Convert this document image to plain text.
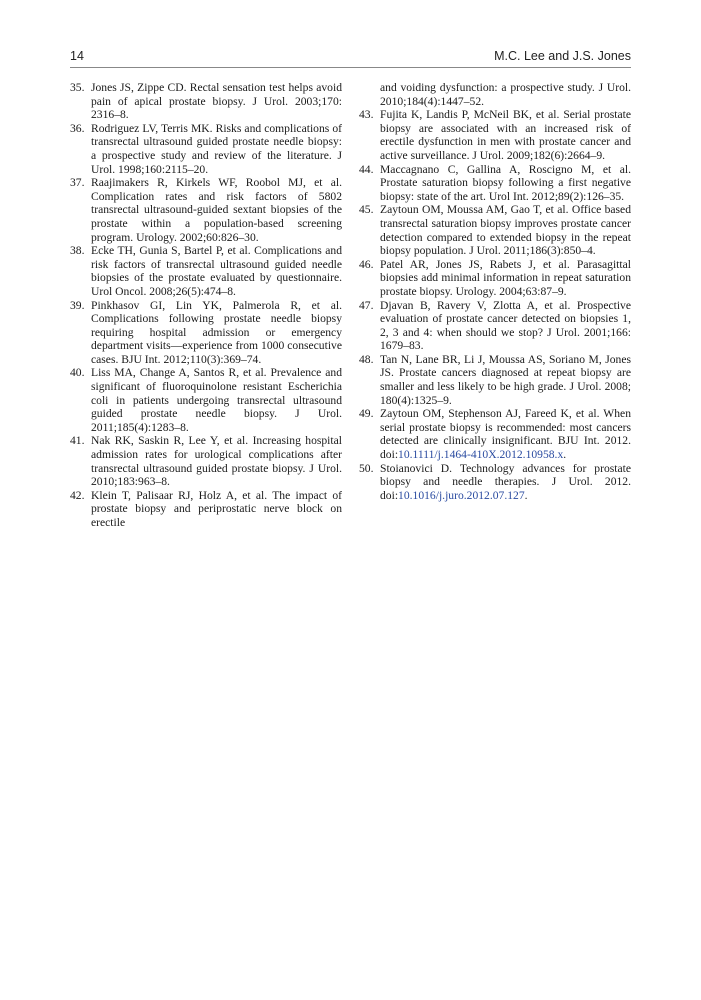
14	M.C. Lee and J.S. Jones

35. Jones JS, Zippe CD. Rectal sensation test helps avoid pain of apical prostate biopsy. J Urol. 2003;170: 2316–8.

36. Rodriguez LV, Terris MK. Risks and complications of transrectal ultrasound guided prostate needle biopsy: a prospective study and review of the literature. J Urol. 1998;160:2115–20.

37. Raajimakers R, Kirkels WF, Roobol MJ, et al. Complication rates and risk factors of 5802 transrectal ultrasound-guided sextant biopsies of the prostate within a population-based screening program. Urology. 2002;60:826–30.

38. Ecke TH, Gunia S, Bartel P, et al. Complications and risk factors of transrectal ultrasound guided needle biopsies of the prostate evaluated by questionnaire. Urol Oncol. 2008;26(5):474–8.

39. Pinkhasov GI, Lin YK, Palmerola R, et al. Complications following prostate needle biopsy requiring hospital admission or emergency department visits—experience from 1000 consecutive cases. BJU Int. 2012;110(3):369–74.

40. Liss MA, Change A, Santos R, et al. Prevalence and significant of fluoroquinolone resistant Escherichia coli in patients undergoing transrectal ultrasound guided prostate needle biopsy. J Urol. 2011;185(4):1283–8.

41. Nak RK, Saskin R, Lee Y, et al. Increasing hospital admission rates for urological complications after transrectal ultrasound guided prostate biopsy. J Urol. 2010;183:963–8.

42. Klein T, Palisaar RJ, Holz A, et al. The impact of prostate biopsy and periprostatic nerve block on erectile

and voiding dysfunction: a prospective study. J Urol. 2010;184(4):1447–52.

43. Fujita K, Landis P, McNeil BK, et al. Serial prostate biopsy are associated with an increased risk of erectile dysfunction in men with prostate cancer and active surveillance. J Urol. 2009;182(6):2664–9.

44. Maccagnano C, Gallina A, Roscigno M, et al. Prostate saturation biopsy following a first negative biopsy: state of the art. Urol Int. 2012;89(2):126–35.

45. Zaytoun OM, Moussa AM, Gao T, et al. Office based transrectal saturation biopsy improves prostate cancer detection compared to extended biopsy in the repeat biopsy population. J Urol. 2011;186(3):850–4.

46. Patel AR, Jones JS, Rabets J, et al. Parasagittal biopsies add minimal information in repeat saturation prostate biopsy. Urology. 2004;63:87–9.

47. Djavan B, Ravery V, Zlotta A, et al. Prospective evaluation of prostate cancer detected on biopsies 1, 2, 3 and 4: when should we stop? J Urol. 2001;166: 1679–83.

48. Tan N, Lane BR, Li J, Moussa AS, Soriano M, Jones JS. Prostate cancers diagnosed at repeat biopsy are smaller and less likely to be high grade. J Urol. 2008; 180(4):1325–9.

49. Zaytoun OM, Stephenson AJ, Fareed K, et al. When serial prostate biopsy is recommended: most cancers detected are clinically insignificant. BJU Int. 2012. doi:10.1111/j.1464-410X.2012.10958.x.

50. Stoianovici D. Technology advances for prostate biopsy and needle therapies. J Urol. 2012. doi:10.1016/j.juro.2012.07.127.
